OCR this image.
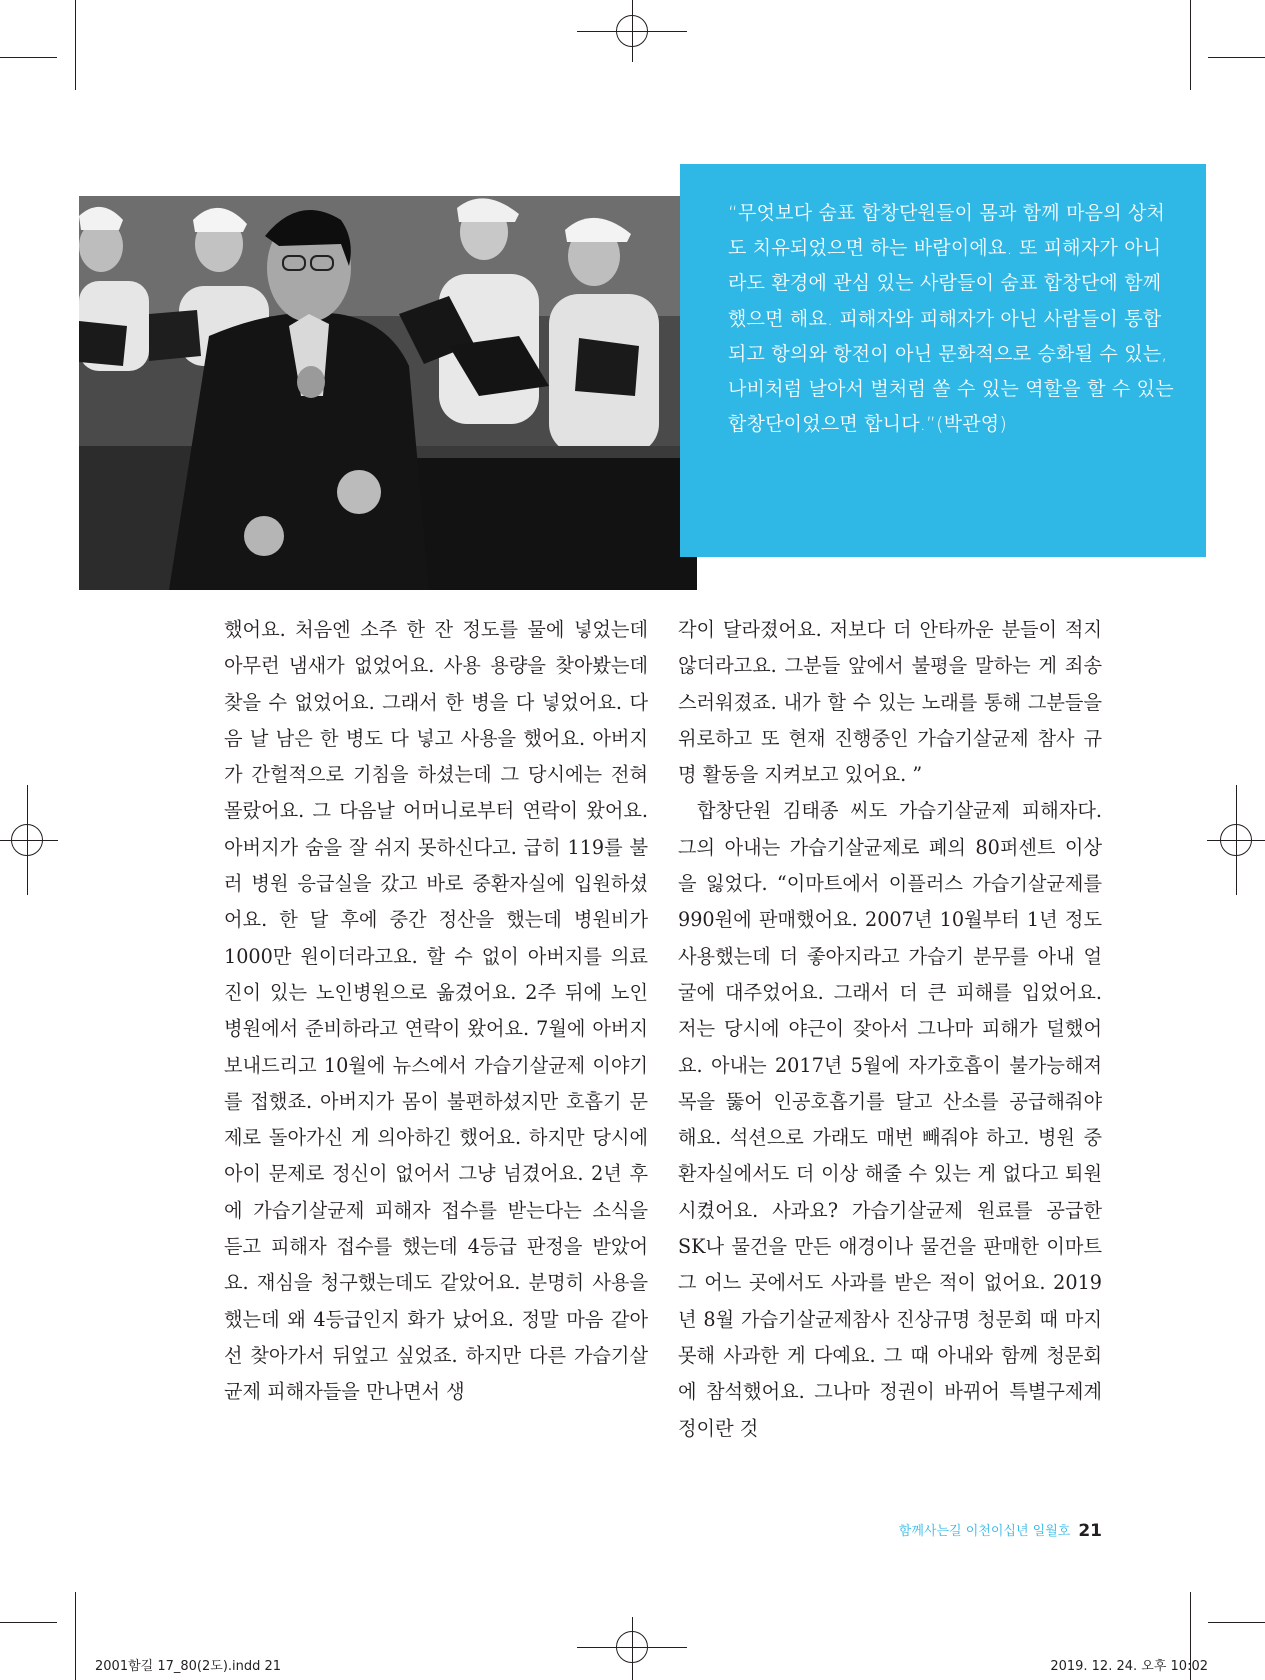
“무엇보다 숨표 합창단원들이 몸과 함께 마음의 상처도 치유되었으면 하는 바람이에요. 또 피해자가 아니라도 환경에 관심 있는 사람들이 숨표 합창단에 함께 했으면 해요. 피해자와 피해자가 아닌 사람들이 통합되고 항의와 항전이 아닌 문화적으로 승화될 수 있는, 나비처럼 날아서 벌처럼 쏠 수 있는 역할을 할 수 있는 합창단이었으면 합니다.”(박관영)

했어요. 처음엔 소주 한 잔 정도를 물에 넣었는데 아무런 냄새가 없었어요. 사용 용량을 찾아봤는데 찾을 수 없었어요. 그래서 한 병을 다 넣었어요. 다음 날 남은 한 병도 다 넣고 사용을 했어요. 아버지가 간헐적으로 기침을 하셨는데 그 당시에는 전혀 몰랐어요. 그 다음날 어머니로부터 연락이 왔어요. 아버지가 숨을 잘 쉬지 못하신다고. 급히 119를 불러 병원 응급실을 갔고 바로 중환자실에 입원하셨어요. 한 달 후에 중간 정산을 했는데 병원비가 1000만 원이더라고요. 할 수 없이 아버지를 의료진이 있는 노인병원으로 옮겼어요. 2주 뒤에 노인병원에서 준비하라고 연락이 왔어요. 7월에 아버지 보내드리고 10월에 뉴스에서 가습기살균제 이야기를 접했죠. 아버지가 몸이 불편하셨지만 호흡기 문제로 돌아가신 게 의아하긴 했어요. 하지만 당시에 아이 문제로 정신이 없어서 그냥 넘겼어요. 2년 후에 가습기살균제 피해자 접수를 받는다는 소식을 듣고 피해자 접수를 했는데 4등급 판정을 받았어요. 재심을 청구했는데도 같았어요. 분명히 사용을 했는데 왜 4등급인지 화가 났어요. 정말 마음 같아선 찾아가서 뒤엎고 싶었죠. 하지만 다른 가습기살균제 피해자들을 만나면서 생

각이 달라졌어요. 저보다 더 안타까운 분들이 적지 않더라고요. 그분들 앞에서 불평을 말하는 게 죄송스러워졌죠. 내가 할 수 있는 노래를 통해 그분들을 위로하고 또 현재 진행중인 가습기살균제 참사 규명 활동을 지켜보고 있어요. ”

합창단원 김태종 씨도 가습기살균제 피해자다. 그의 아내는 가습기살균제로 폐의 80퍼센트 이상을 잃었다. “이마트에서 이플러스 가습기살균제를 990원에 판매했어요. 2007년 10월부터 1년 정도 사용했는데 더 좋아지라고 가습기 분무를 아내 얼굴에 대주었어요. 그래서 더 큰 피해를 입었어요. 저는 당시에 야근이 잦아서 그나마 피해가 덜했어요. 아내는 2017년 5월에 자가호흡이 불가능해져 목을 뚫어 인공호흡기를 달고 산소를 공급해줘야 해요. 석션으로 가래도 매번 빼줘야 하고. 병원 중환자실에서도 더 이상 해줄 수 있는 게 없다고 퇴원시켰어요. 사과요? 가습기살균제 원료를 공급한 SK나 물건을 만든 애경이나 물건을 판매한 이마트 그 어느 곳에서도 사과를 받은 적이 없어요. 2019년 8월 가습기살균제참사 진상규명 청문회 때 마지못해 사과한 게 다예요. 그 때 아내와 함께 청문회에 참석했어요. 그나마 정권이 바뀌어 특별구제계정이란 것

함께사는길 이천이십년 일월호 21
2001함길 17_80(2도).indd 21	2019. 12. 24. 오후 10:02
